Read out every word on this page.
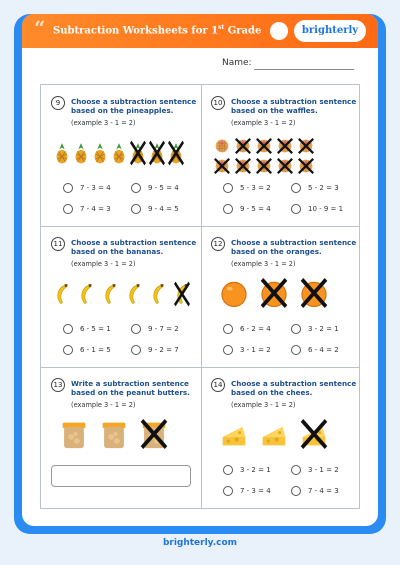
“ Subtraction Worksheets for 1st Grade	brighterly
Name:
9	Choose a subtraction sentence based on the pineapples.
(example 3 - 1 = 2)
7 - 3 = 4	9 - 5 = 4
7 - 4 = 3	9 - 4 = 5
10	Choose a subtraction sentence based on the waffles.
(example 3 - 1 = 2)
5 - 3 = 2	5 - 2 = 3
9 - 5 = 4	10 - 9 = 1
11	Choose a subtraction sentence based on the bananas.
(example 3 - 1 = 2)
6 - 5 = 1	9 - 7 = 2
6 - 1 = 5	9 - 2 = 7
12	Choose a subtraction sentence based on the oranges.
(example 3 - 1 = 2)
6 - 2 = 4	3 - 2 = 1
3 - 1 = 2	6 - 4 = 2
13	Write a subtraction sentence based on the peanut butters.
(example 3 - 1 = 2)
14	Choose a subtraction sentence based on the chees.
(example 3 - 1 = 2)
3 - 2 = 1	3 - 1 = 2
7 - 3 = 4	7 - 4 = 3
brighterly.com
